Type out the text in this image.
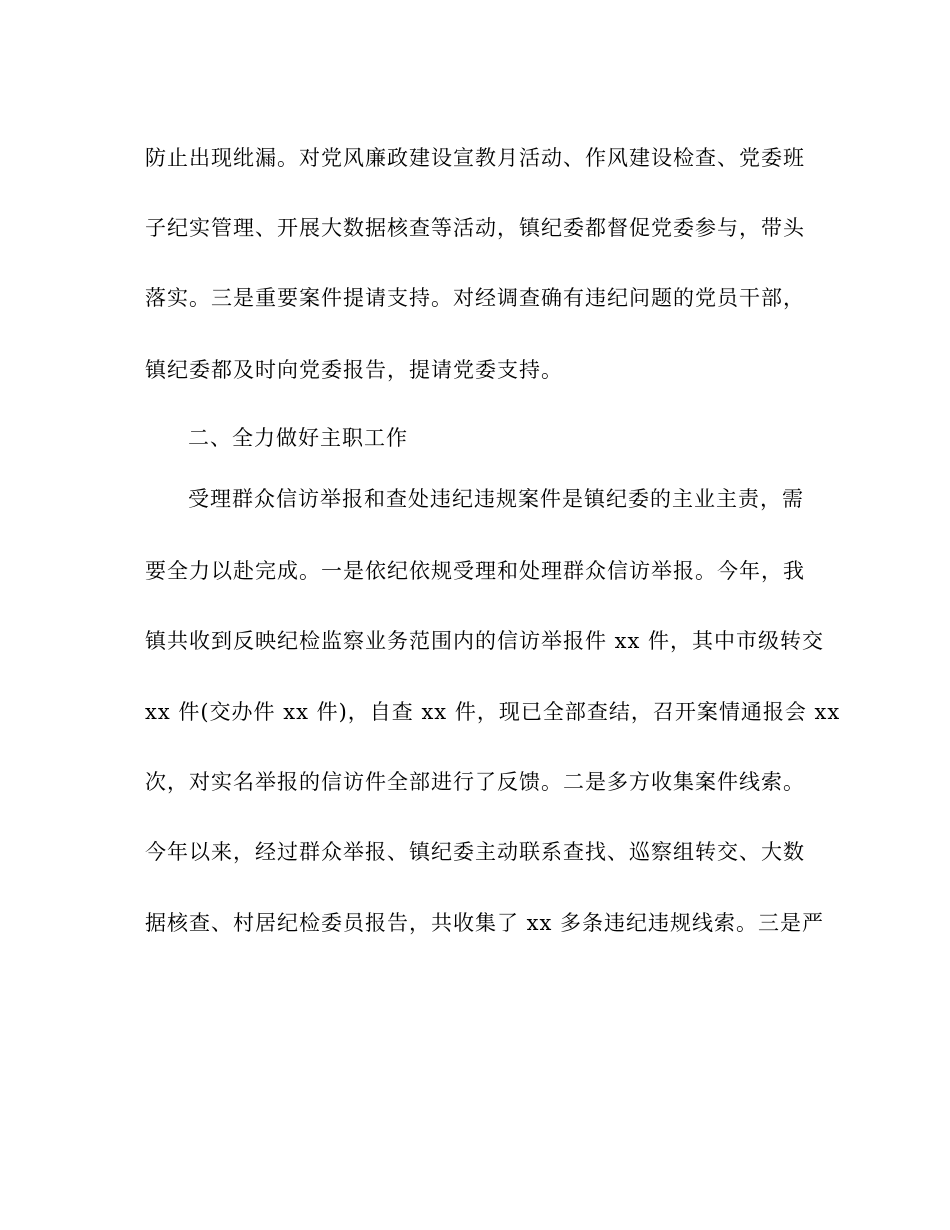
防止出现纰漏。对党风廉政建设宣教月活动、作风建设检查、党委班
子纪实管理、开展大数据核查等活动，镇纪委都督促党委参与，带头
落实。三是重要案件提请支持。对经调查确有违纪问题的党员干部，
镇纪委都及时向党委报告，提请党委支持。
二、全力做好主职工作
受理群众信访举报和查处违纪违规案件是镇纪委的主业主责，需
要全力以赴完成。一是依纪依规受理和处理群众信访举报。今年，我
镇共收到反映纪检监察业务范围内的信访举报件 xx 件，其中市级转交
xx 件(交办件 xx 件)，自查 xx 件，现已全部查结，召开案情通报会 xx
次，对实名举报的信访件全部进行了反馈。二是多方收集案件线索。
今年以来，经过群众举报、镇纪委主动联系查找、巡察组转交、大数
据核查、村居纪检委员报告，共收集了 xx 多条违纪违规线索。三是严
